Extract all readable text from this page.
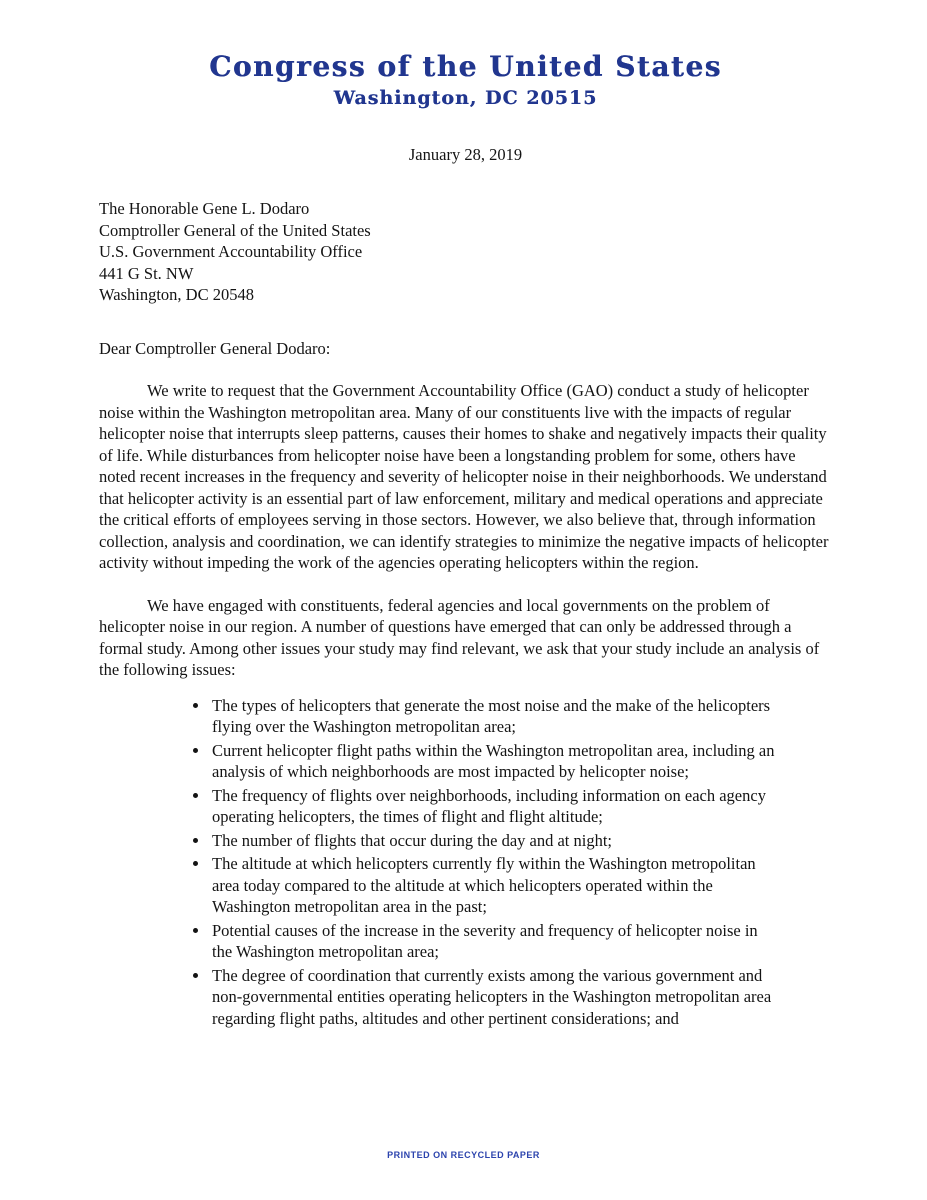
Congress of the United States
Washington, DC 20515
January 28, 2019
The Honorable Gene L. Dodaro
Comptroller General of the United States
U.S. Government Accountability Office
441 G St. NW
Washington, DC 20548
Dear Comptroller General Dodaro:

We write to request that the Government Accountability Office (GAO) conduct a study of helicopter noise within the Washington metropolitan area. Many of our constituents live with the impacts of regular helicopter noise that interrupts sleep patterns, causes their homes to shake and negatively impacts their quality of life. While disturbances from helicopter noise have been a longstanding problem for some, others have noted recent increases in the frequency and severity of helicopter noise in their neighborhoods. We understand that helicopter activity is an essential part of law enforcement, military and medical operations and appreciate the critical efforts of employees serving in those sectors. However, we also believe that, through information collection, analysis and coordination, we can identify strategies to minimize the negative impacts of helicopter activity without impeding the work of the agencies operating helicopters within the region.

We have engaged with constituents, federal agencies and local governments on the problem of helicopter noise in our region. A number of questions have emerged that can only be addressed through a formal study. Among other issues your study may find relevant, we ask that your study include an analysis of the following issues:

• The types of helicopters that generate the most noise and the make of the helicopters flying over the Washington metropolitan area;
• Current helicopter flight paths within the Washington metropolitan area, including an analysis of which neighborhoods are most impacted by helicopter noise;
• The frequency of flights over neighborhoods, including information on each agency operating helicopters, the times of flight and flight altitude;
• The number of flights that occur during the day and at night;
• The altitude at which helicopters currently fly within the Washington metropolitan area today compared to the altitude at which helicopters operated within the Washington metropolitan area in the past;
• Potential causes of the increase in the severity and frequency of helicopter noise in the Washington metropolitan area;
• The degree of coordination that currently exists among the various government and non-governmental entities operating helicopters in the Washington metropolitan area regarding flight paths, altitudes and other pertinent considerations; and
PRINTED ON RECYCLED PAPER
